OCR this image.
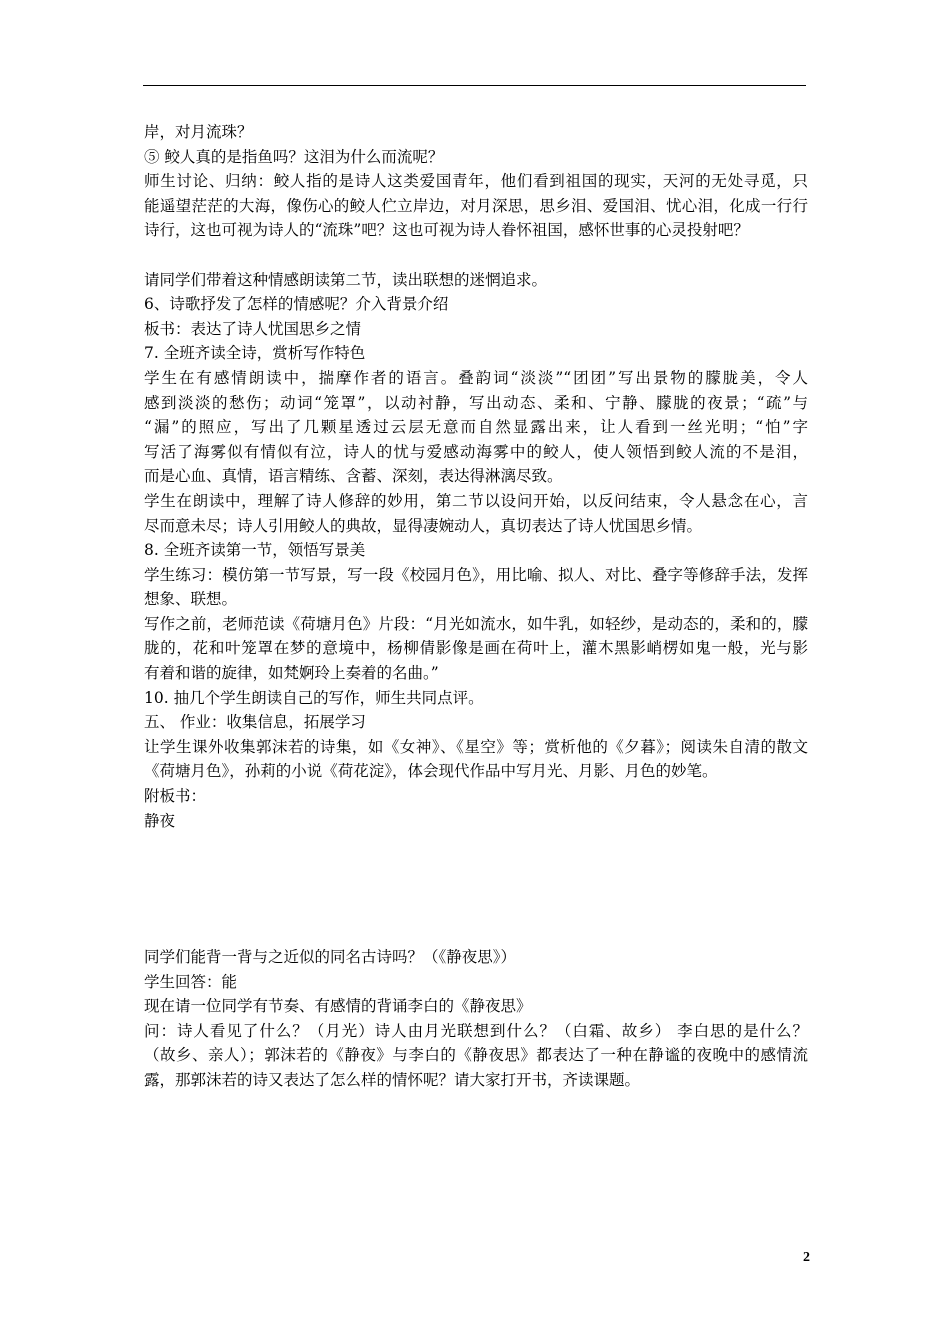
岸，对月流珠？
⑤ 鲛人真的是指鱼吗？这泪为什么而流呢？
师生讨论、归纳：鲛人指的是诗人这类爱国青年，他们看到祖国的现实，天河的无处寻觅，只
能遥望茫茫的大海，像伤心的鲛人伫立岸边，对月深思，思乡泪、爱国泪、忧心泪，化成一行行
诗行，这也可视为诗人的“流珠”吧？这也可视为诗人眷怀祖国，感怀世事的心灵投射吧？
请同学们带着这种情感朗读第二节，读出联想的迷惘追求。
6、诗歌抒发了怎样的情感呢？介入背景介绍
板书：表达了诗人忧国思乡之情
7. 全班齐读全诗，赏析写作特色
学生在有感情朗读中，揣摩作者的语言。叠韵词“淡淡”“团团”写出景物的朦胧美，令人
感到淡淡的愁伤；动词“笼罩”，以动衬静，写出动态、柔和、宁静、朦胧的夜景；“疏”与
“漏”的照应，写出了几颗星透过云层无意而自然显露出来，让人看到一丝光明；“怕”字
写活了海雾似有情似有泣，诗人的忧与爱感动海雾中的鲛人，使人领悟到鲛人流的不是泪，
而是心血、真情，语言精练、含蓄、深刻，表达得淋漓尽致。
学生在朗读中，理解了诗人修辞的妙用，第二节以设问开始，以反问结束，令人悬念在心，言
尽而意未尽；诗人引用鲛人的典故，显得凄婉动人，真切表达了诗人忧国思乡情。
8. 全班齐读第一节，领悟写景美
学生练习：模仿第一节写景，写一段《校园月色》，用比喻、拟人、对比、叠字等修辞手法，发挥
想象、联想。
写作之前，老师范读《荷塘月色》片段：“月光如流水，如牛乳，如轻纱，是动态的，柔和的，朦
胧的，花和叶笼罩在梦的意境中，杨柳倩影像是画在荷叶上，灌木黑影峭楞如鬼一般，光与影
有着和谐的旋律，如梵婀玲上奏着的名曲。”
10. 抽几个学生朗读自己的写作，师生共同点评。
五、 作业：收集信息，拓展学习
让学生课外收集郭沫若的诗集，如《女神》、《星空》等；赏析他的《夕暮》；阅读朱自清的散文
《荷塘月色》，孙莉的小说《荷花淀》，体会现代作品中写月光、月影、月色的妙笔。
附板书：
静夜
同学们能背一背与之近似的同名古诗吗？（《静夜思》）
学生回答：能
现在请一位同学有节奏、有感情的背诵李白的《静夜思》
问：诗人看见了什么？（月光）诗人由月光联想到什么？（白霜、故乡） 李白思的是什么？
（故乡、亲人）；郭沫若的《静夜》与李白的《静夜思》都表达了一种在静谧的夜晚中的感情流
露，那郭沫若的诗又表达了怎么样的情怀呢？请大家打开书，齐读课题。
2
